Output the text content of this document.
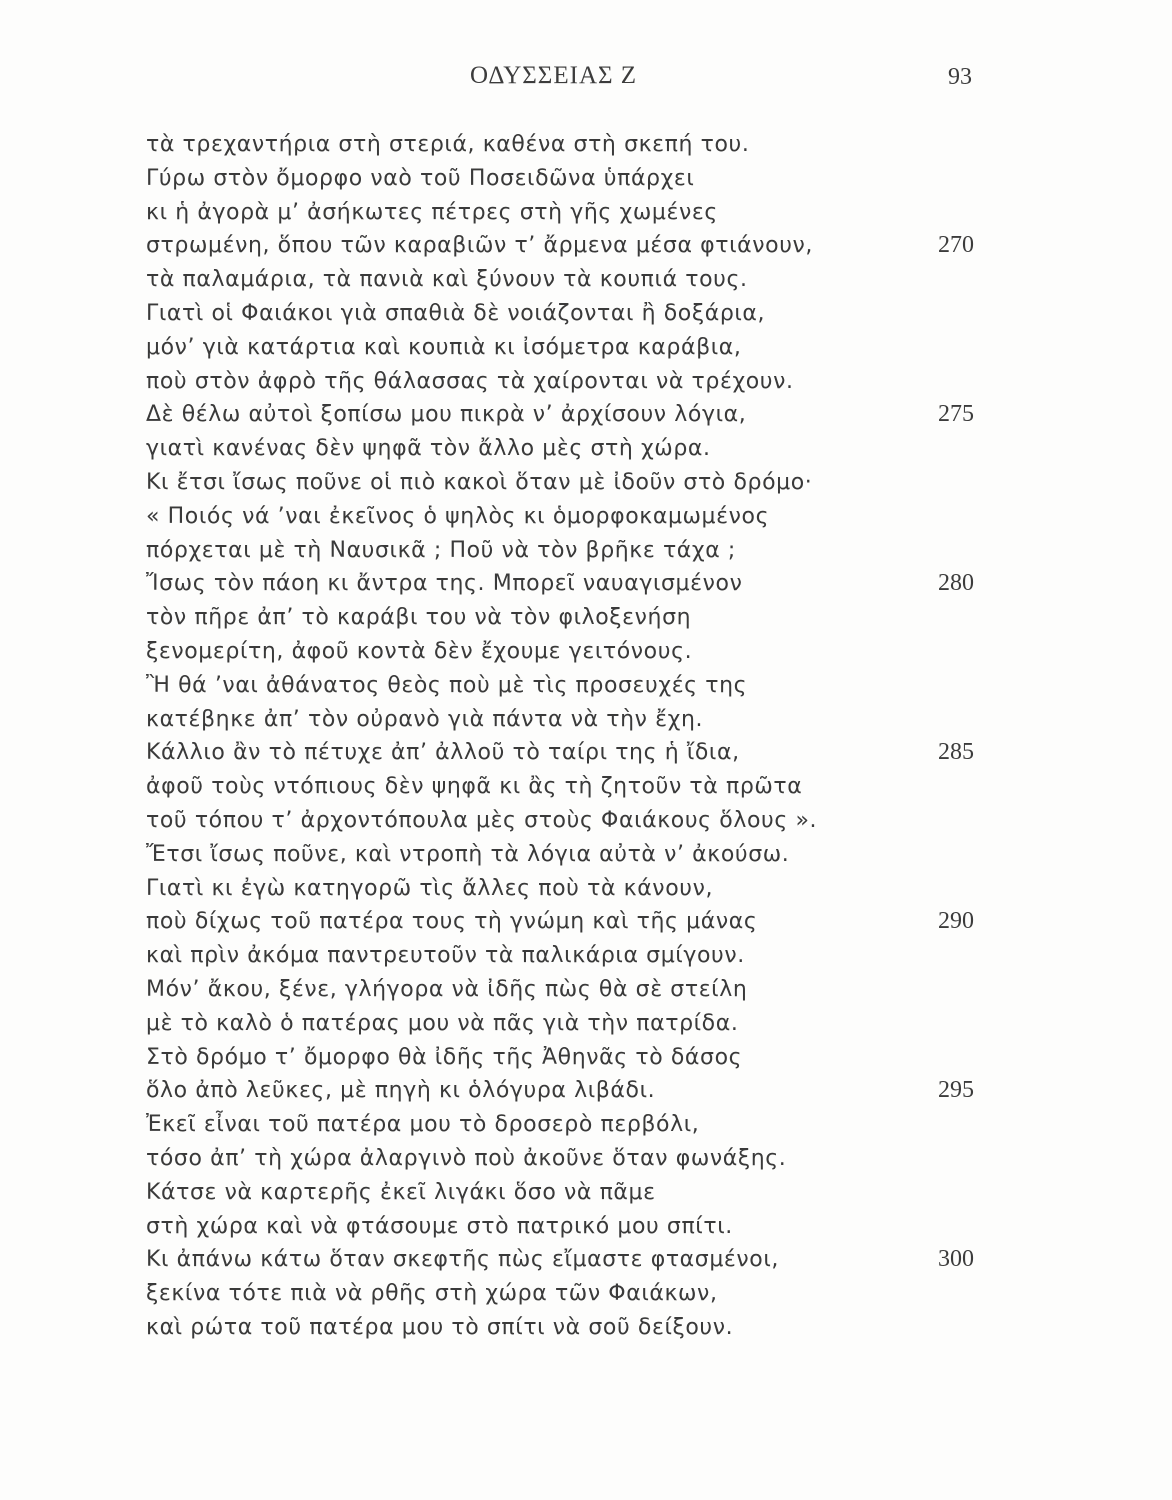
ΟΔΥΣΣΕΙΑΣ Ζ	93
τὰ τρεχαντήρια στὴ στεριά, καθένα στὴ σκεπή του.
Γύρω στὸν ὄμορφο ναὸ τοῦ Ποσειδῶνα ὑπάρχει
κι ἡ ἀγορὰ μ’ ἀσήκωτες πέτρες στὴ γῆς χωμένες
στρωμένη, ὅπου τῶν καραβιῶν τ’ ἄρμενα μέσα φτιάνουν,	270
τὰ παλαμάρια, τὰ πανιὰ καὶ ξύνουν τὰ κουπιά τους.
Γιατὶ οἱ Φαιάκοι γιὰ σπαθιὰ δὲ νοιάζονται ἢ δοξάρια,
μόν’ γιὰ κατάρτια καὶ κουπιὰ κι ἰσόμετρα καράβια,
ποὺ στὸν ἀφρὸ τῆς θάλασσας τὰ χαίρονται νὰ τρέχουν.
Δὲ θέλω αὐτοὶ ξοπίσω μου πικρὰ ν’ ἀρχίσουν λόγια,	275
γιατὶ κανένας δὲν ψηφᾶ τὸν ἄλλο μὲς στὴ χώρα.
Κι ἔτσι ἴσως ποῦνε οἱ πιὸ κακοὶ ὅταν μὲ ἰδοῦν στὸ δρόμο·
« Ποιός νά ’ναι ἐκεῖνος ὁ ψηλὸς κι ὁμορφοκαμωμένος
πόρχεται μὲ τὴ Ναυσικᾶ ; Ποῦ νὰ τὸν βρῆκε τάχα ;
Ἴσως τὸν πάοη κι ἄντρα της. Μπορεῖ ναυαγισμένον	280
τὸν πῆρε ἀπ’ τὸ καράβι του νὰ τὸν φιλοξενήση
ξενομερίτη, ἀφοῦ κοντὰ δὲν ἔχουμε γειτόνους.
Ἢ θά ’ναι ἀθάνατος θεὸς ποὺ μὲ τὶς προσευχές της
κατέβηκε ἀπ’ τὸν οὐρανὸ γιὰ πάντα νὰ τὴν ἔχη.
Κάλλιο ἂν τὸ πέτυχε ἀπ’ ἀλλοῦ τὸ ταίρι της ἡ ἴδια,	285
ἀφοῦ τοὺς ντόπιους δὲν ψηφᾶ κι ἂς τὴ ζητοῦν τὰ πρῶτα
τοῦ τόπου τ’ ἀρχοντόπουλα μὲς στοὺς Φαιάκους ὅλους ».
Ἔτσι ἴσως ποῦνε, καὶ ντροπὴ τὰ λόγια αὐτὰ ν’ ἀκούσω.
Γιατὶ κι ἐγὼ κατηγορῶ τὶς ἄλλες ποὺ τὰ κάνουν,
ποὺ δίχως τοῦ πατέρα τους τὴ γνώμη καὶ τῆς μάνας	290
καὶ πρὶν ἀκόμα παντρευτοῦν τὰ παλικάρια σμίγουν.
Μόν’ ἄκου, ξένε, γλήγορα νὰ ἰδῆς πὼς θὰ σὲ στείλη
μὲ τὸ καλὸ ὁ πατέρας μου νὰ πᾶς γιὰ τὴν πατρίδα.
Στὸ δρόμο τ’ ὄμορφο θὰ ἰδῆς τῆς Ἀθηνᾶς τὸ δάσος
ὅλο ἀπὸ λεῦκες, μὲ πηγὴ κι ὁλόγυρα λιβάδι.	295
Ἐκεῖ εἶναι τοῦ πατέρα μου τὸ δροσερὸ περβόλι,
τόσο ἀπ’ τὴ χώρα ἀλαργινὸ ποὺ ἀκοῦνε ὅταν φωνάξης.
Κάτσε νὰ καρτερῆς ἐκεῖ λιγάκι ὅσο νὰ πᾶμε
στὴ χώρα καὶ νὰ φτάσουμε στὸ πατρικό μου σπίτι.
Κι ἀπάνω κάτω ὅταν σκεφτῆς πὼς εἴμαστε φτασμένοι,	300
ξεκίνα τότε πιὰ νὰ ρθῆς στὴ χώρα τῶν Φαιάκων,
καὶ ρώτα τοῦ πατέρα μου τὸ σπίτι νὰ σοῦ δείξουν.
